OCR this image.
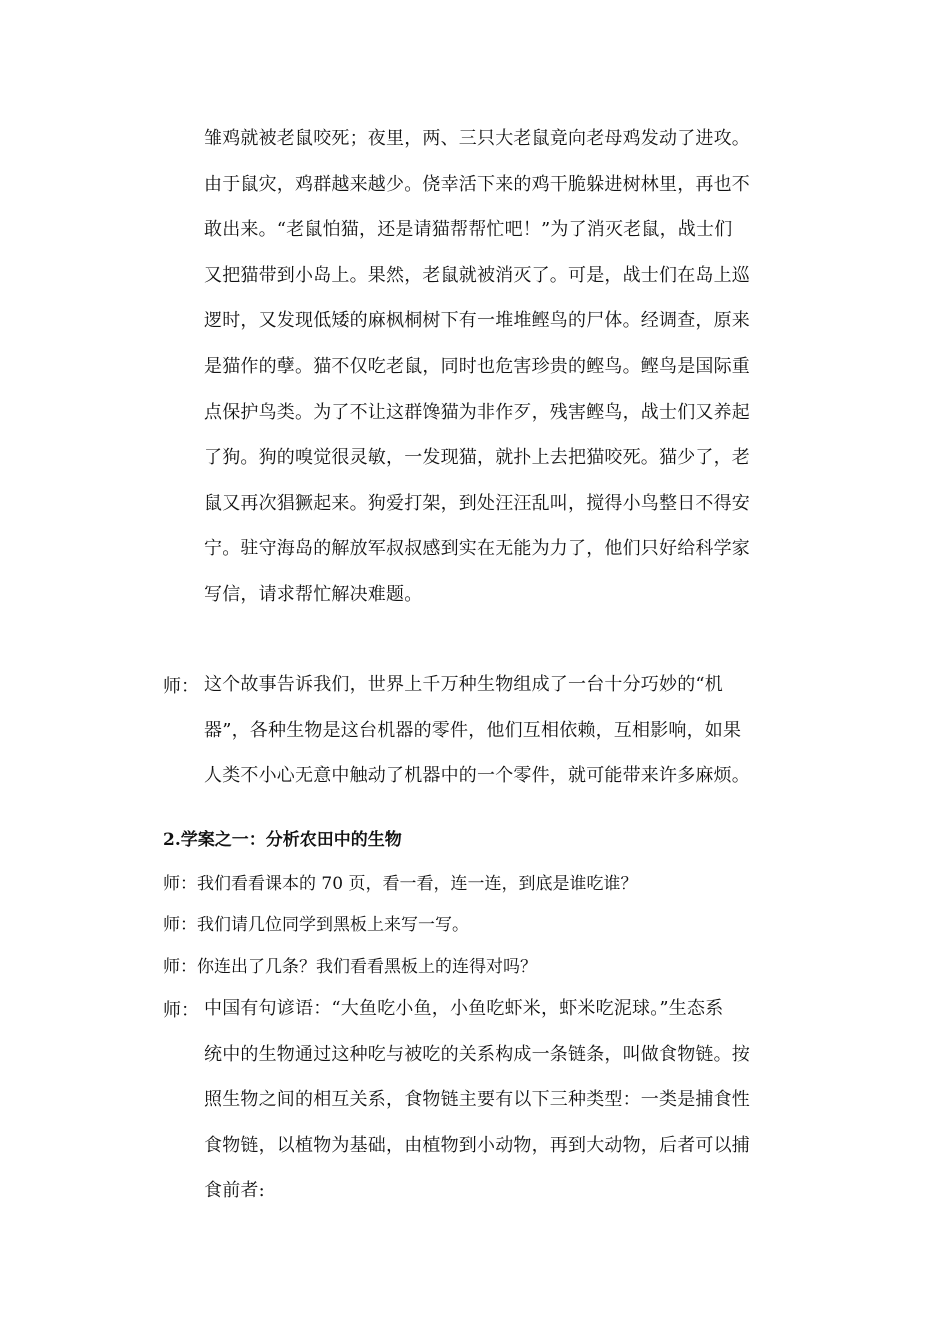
雏鸡就被老鼠咬死；夜里，两、三只大老鼠竟向老母鸡发动了进攻。
由于鼠灾，鸡群越来越少。侥幸活下来的鸡干脆躲进树林里，再也不
敢出来。“老鼠怕猫，还是请猫帮帮忙吧！”为了消灭老鼠，战士们
又把猫带到小岛上。果然，老鼠就被消灭了。可是，战士们在岛上巡
逻时，又发现低矮的麻枫桐树下有一堆堆鲣鸟的尸体。经调查，原来
是猫作的孽。猫不仅吃老鼠，同时也危害珍贵的鲣鸟。鲣鸟是国际重
点保护鸟类。为了不让这群馋猫为非作歹，残害鲣鸟，战士们又养起
了狗。狗的嗅觉很灵敏，一发现猫，就扑上去把猫咬死。猫少了，老
鼠又再次猖獗起来。狗爱打架，到处汪汪乱叫，搅得小鸟整日不得安
宁。驻守海岛的解放军叔叔感到实在无能为力了，他们只好给科学家
写信，请求帮忙解决难题。
师： 这个故事告诉我们，世界上千万种生物组成了一台十分巧妙的“机
器”，各种生物是这台机器的零件，他们互相依赖，互相影响，如果
人类不小心无意中触动了机器中的一个零件，就可能带来许多麻烦。
2.学案之一：分析农田中的生物
师：我们看看课本的 70 页，看一看，连一连，到底是谁吃谁？
师：我们请几位同学到黑板上来写一写。
师：你连出了几条？我们看看黑板上的连得对吗？
师： 中国有句谚语：“大鱼吃小鱼，小鱼吃虾米，虾米吃泥球。”生态系
统中的生物通过这种吃与被吃的关系构成一条链条，叫做食物链。按
照生物之间的相互关系，食物链主要有以下三种类型：一类是捕食性
食物链，以植物为基础，由植物到小动物，再到大动物，后者可以捕
食前者:
